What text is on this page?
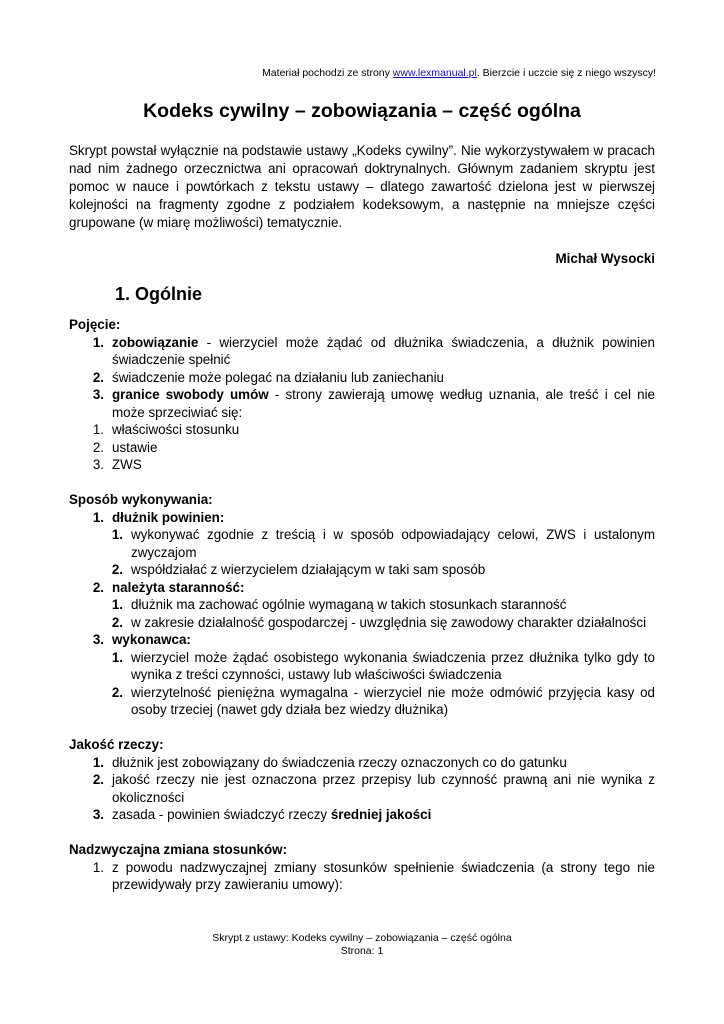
Materiał pochodzi ze strony www.lexmanual.pl. Bierzcie i uczcie się z niego wszyscy!
Kodeks cywilny – zobowiązania – część ogólna
Skrypt powstał wyłącznie na podstawie ustawy „Kodeks cywilny”. Nie wykorzystywałem w pracach nad nim żadnego orzecznictwa ani opracowań doktrynalnych. Głównym zadaniem skryptu jest pomoc w nauce i powtórkach z tekstu ustawy – dlatego zawartość dzielona jest w pierwszej kolejności na fragmenty zgodne z podziałem kodeksowym, a następnie na mniejsze części grupowane (w miarę możliwości) tematycznie.
Michał Wysocki
1. Ogólnie
Pojęcie:
1. zobowiązanie - wierzyciel może żądać od dłużnika świadczenia, a dłużnik powinien świadczenie spełnić
2. świadczenie może polegać na działaniu lub zaniechaniu
3. granice swobody umów - strony zawierają umowę według uznania, ale treść i cel nie może sprzeciwiać się:
1. właściwości stosunku
2. ustawie
3. ZWS
Sposób wykonywania:
1. dłużnik powinien:
1. wykonywać zgodnie z treścią i w sposób odpowiadający celowi, ZWS i ustalonym zwyczajom
2. współdziałać z wierzycielem działającym w taki sam sposób
2. należyta staranność:
1. dłużnik ma zachować ogólnie wymaganą w takich stosunkach staranność
2. w zakresie działalność gospodarczej - uwzględnia się zawodowy charakter działalności
3. wykonawca:
1. wierzyciel może żądać osobistego wykonania świadczenia przez dłużnika tylko gdy to wynika z treści czynności, ustawy lub właściwości świadczenia
2. wierzytelność pieniężna wymagalna - wierzyciel nie może odmówić przyjęcia kasy od osoby trzeciej (nawet gdy działa bez wiedzy dłużnika)
Jakość rzeczy:
1. dłużnik jest zobowiązany do świadczenia rzeczy oznaczonych co do gatunku
2. jakość rzeczy nie jest oznaczona przez przepisy lub czynność prawną ani nie wynika z okoliczności
3. zasada - powinien świadczyć rzeczy średniej jakości
Nadzwyczajna zmiana stosunków:
1. z powodu nadzwyczajnej zmiany stosunków spełnienie świadczenia (a strony tego nie przewidywały przy zawieraniu umowy):
Skrypt z ustawy: Kodeks cywilny – zobowiązania – część ogólna
Strona: 1
